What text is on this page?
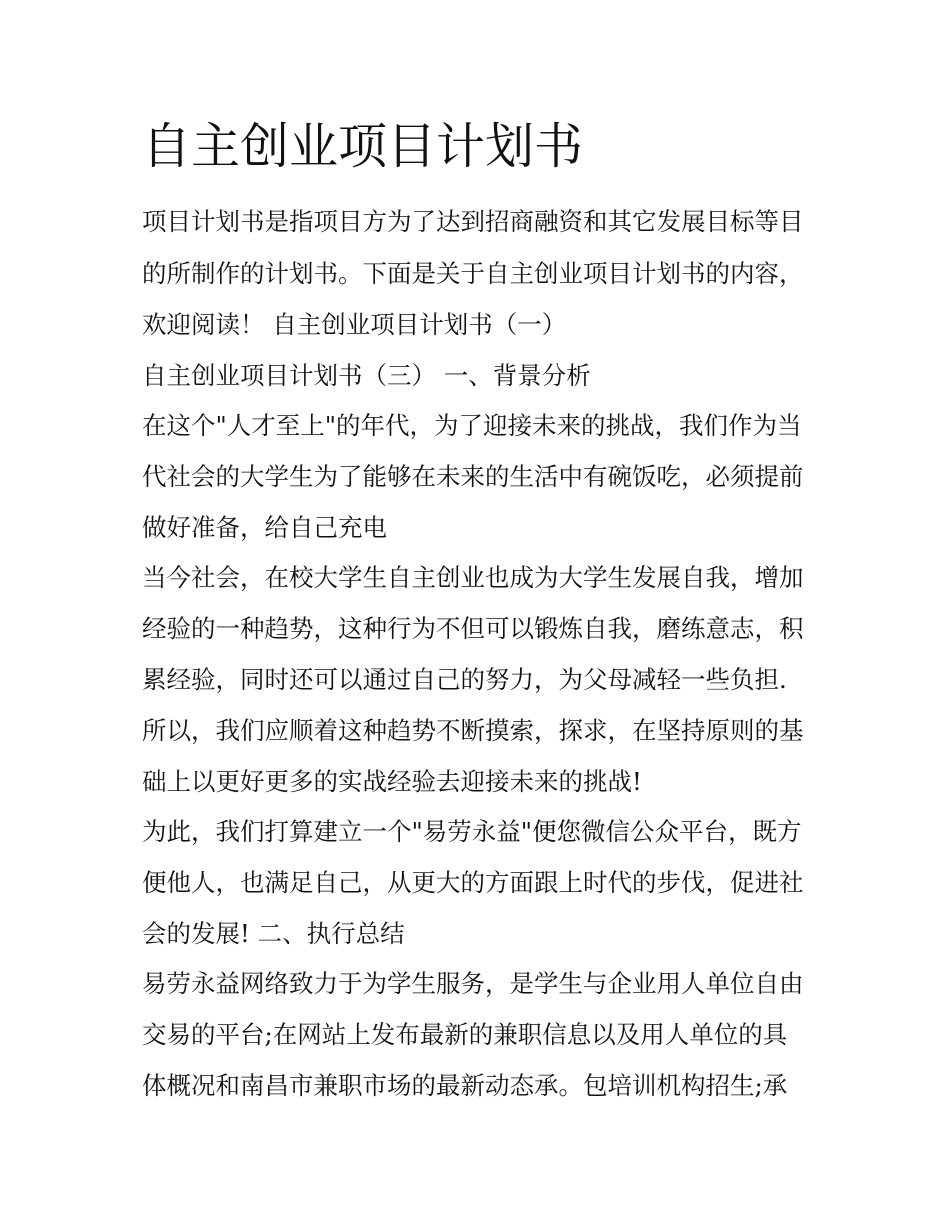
自主创业项目计划书
项目计划书是指项目方为了达到招商融资和其它发展目标等目
的所制作的计划书。下面是关于自主创业项目计划书的内容，
欢迎阅读！ 自主创业项目计划书（一）
自主创业项目计划书（三） 一、背景分析
在这个"人才至上"的年代，为了迎接未来的挑战，我们作为当
代社会的大学生为了能够在未来的生活中有碗饭吃，必须提前
做好准备，给自己充电
当今社会，在校大学生自主创业也成为大学生发展自我，增加
经验的一种趋势，这种行为不但可以锻炼自我，磨练意志，积
累经验，同时还可以通过自己的努力，为父母减轻一些负担.
所以，我们应顺着这种趋势不断摸索，探求，在坚持原则的基
础上以更好更多的实战经验去迎接未来的挑战!
为此，我们打算建立一个"易劳永益"便您微信公众平台，既方
便他人，也满足自己，从更大的方面跟上时代的步伐，促进社
会的发展! 二、执行总结
易劳永益网络致力于为学生服务，是学生与企业用人单位自由
交易的平台;在网站上发布最新的兼职信息以及用人单位的具
体概况和南昌市兼职市场的最新动态承。包培训机构招生;承
